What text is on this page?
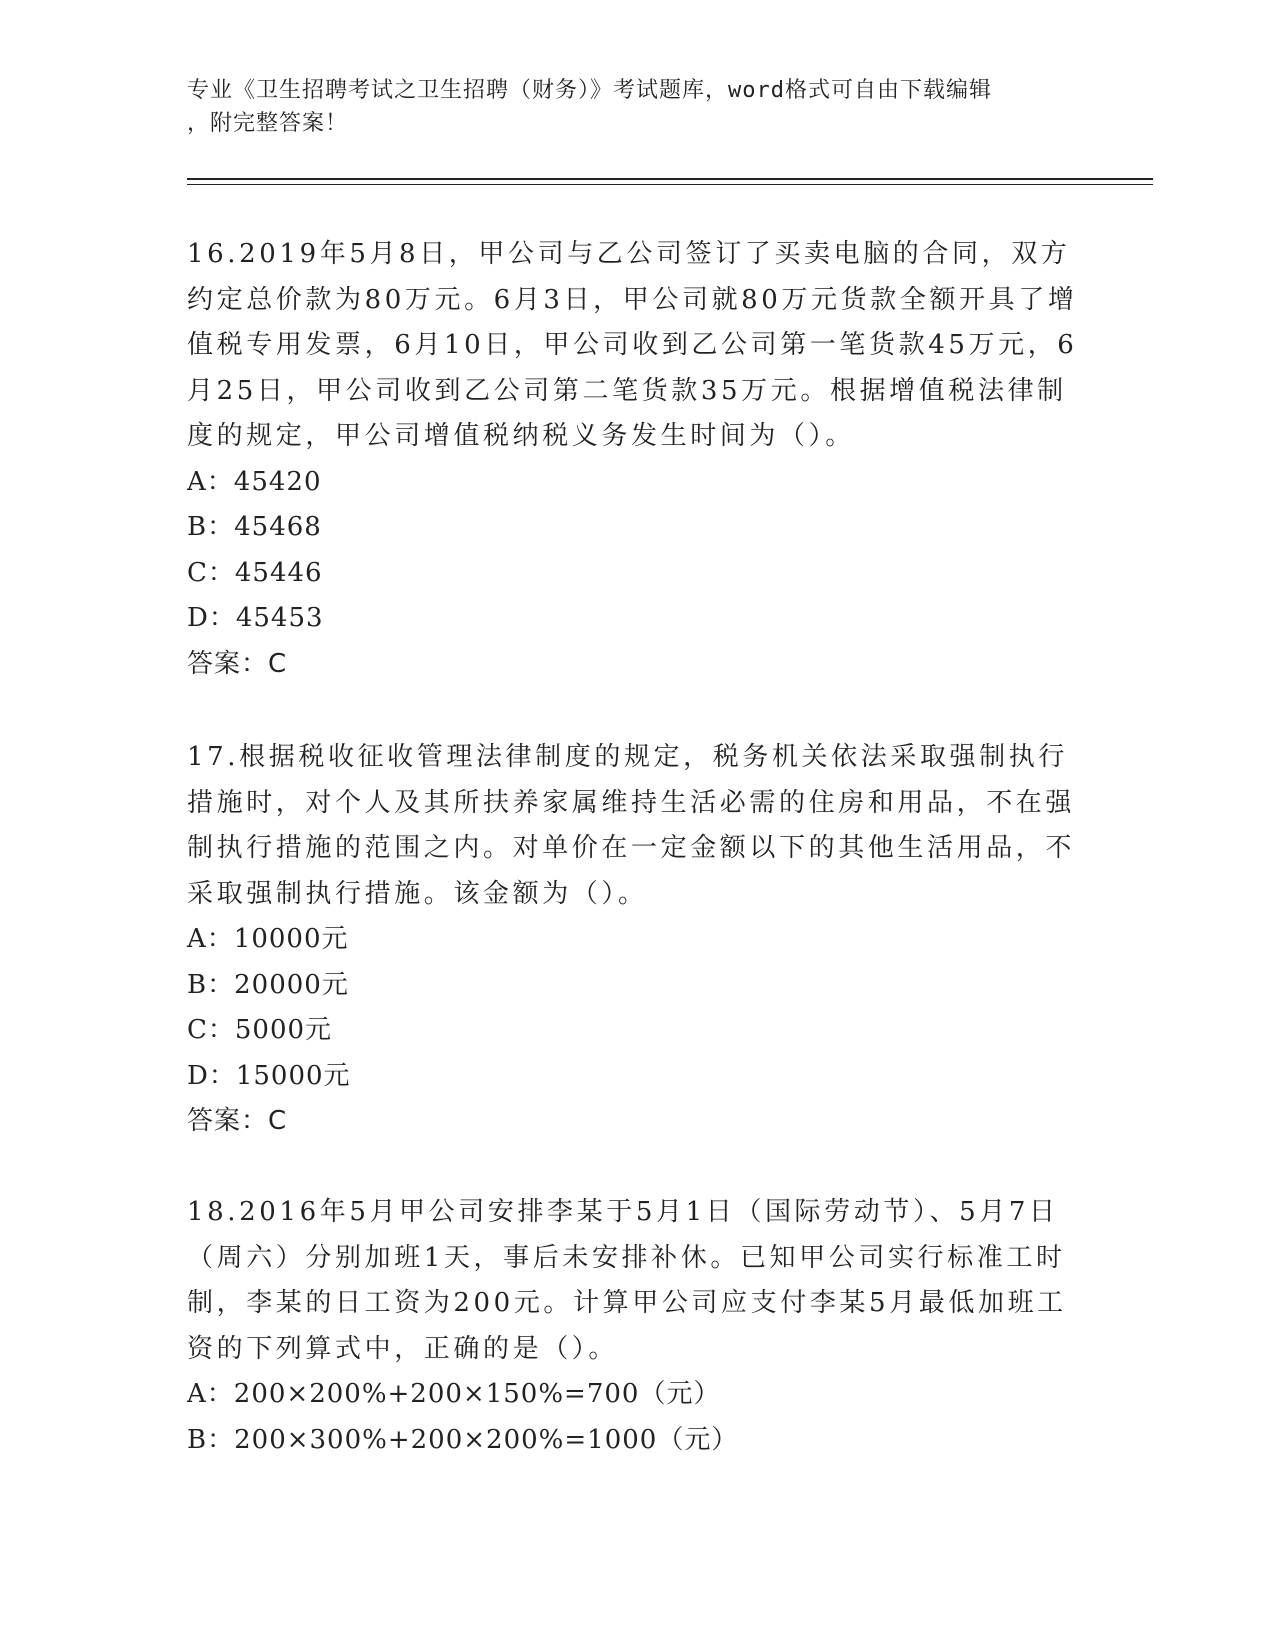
专业《卫生招聘考试之卫生招聘（财务）》考试题库，word格式可自由下载编辑

，附完整答案！

16.2019年5月8日，甲公司与乙公司签订了买卖电脑的合同，双方约定总价款为80万元。6月3日，甲公司就80万元货款全额开具了增值税专用发票，6月10日，甲公司收到乙公司第一笔货款45万元，6月25日，甲公司收到乙公司第二笔货款35万元。根据增值税法律制度的规定，甲公司增值税纳税义务发生时间为（）。

A：45420

B：45468

C：45446

D：45453

答案：C

17.根据税收征收管理法律制度的规定，税务机关依法采取强制执行措施时，对个人及其所扶养家属维持生活必需的住房和用品，不在强制执行措施的范围之内。对单价在一定金额以下的其他生活用品，不采取强制执行措施。该金额为（）。

A：10000元

B：20000元

C：5000元

D：15000元

答案：C

18.2016年5月甲公司安排李某于5月1日（国际劳动节）、5月7日（周六）分别加班1天，事后未安排补休。已知甲公司实行标准工时制，李某的日工资为200元。计算甲公司应支付李某5月最低加班工资的下列算式中，正确的是（）。

A：200×200%+200×150%=700（元）

B：200×300%+200×200%=1000（元）
